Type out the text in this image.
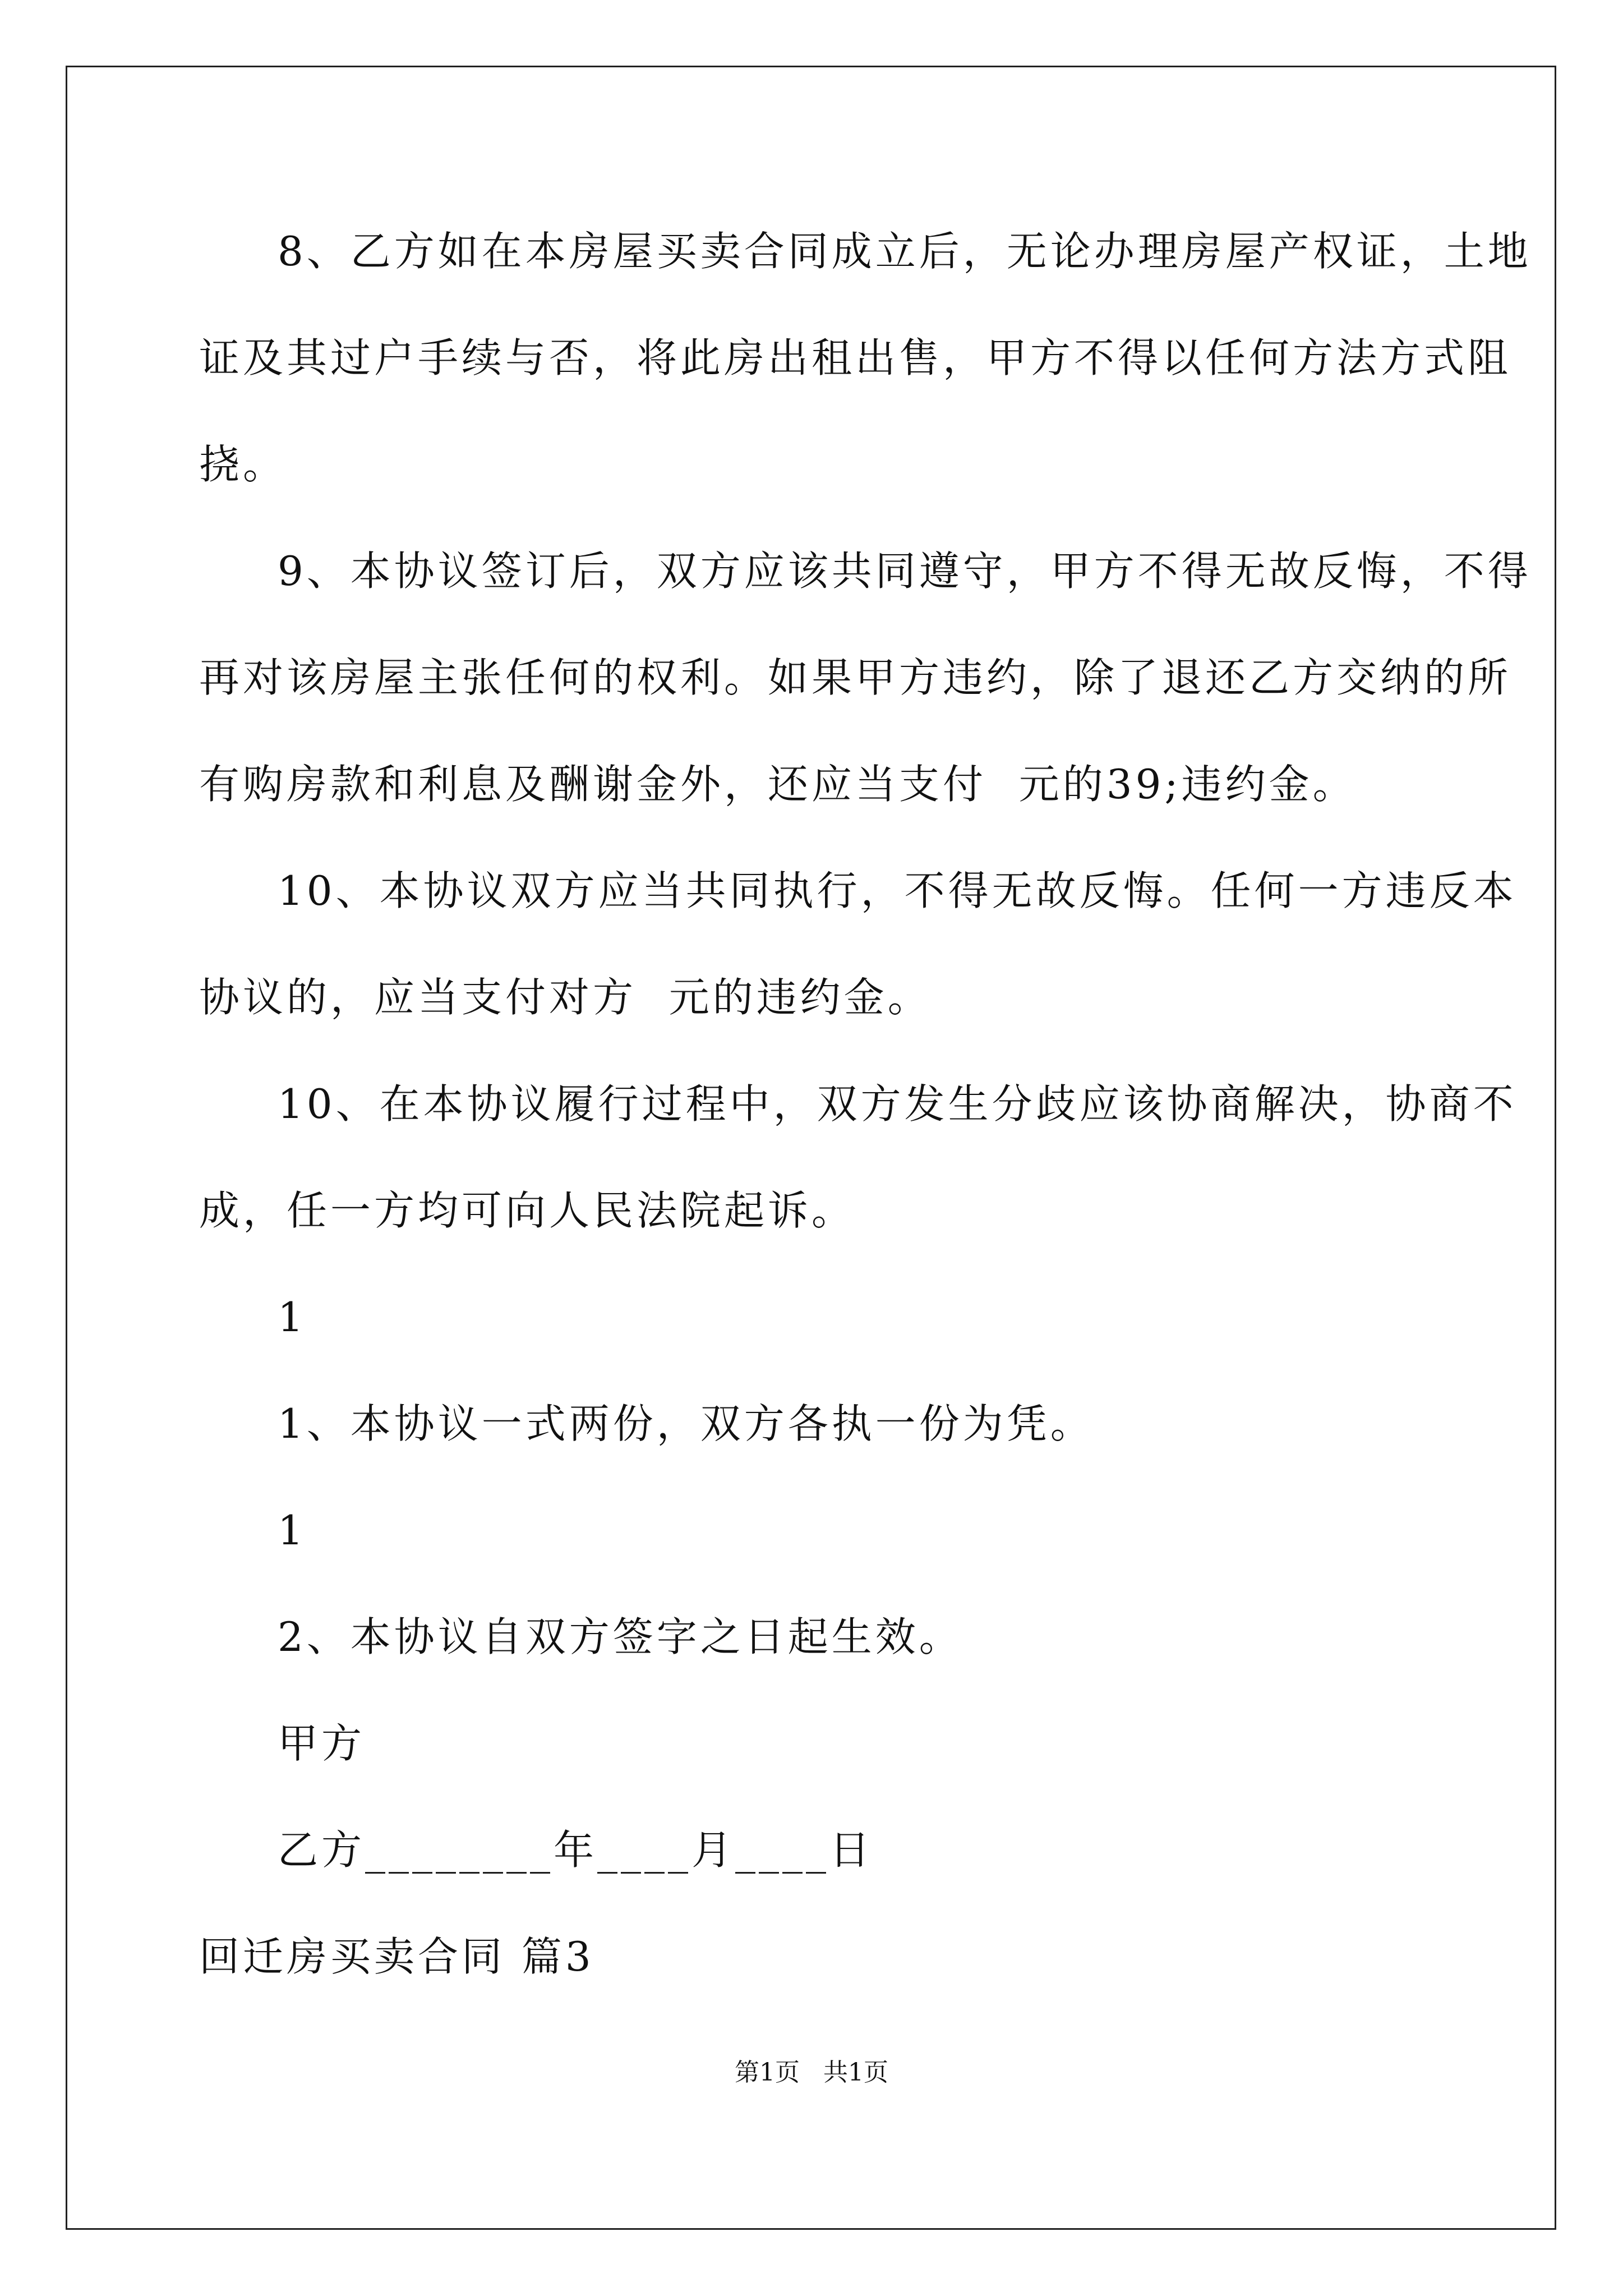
8、乙方如在本房屋买卖合同成立后，无论办理房屋产权证，土地
证及其过户手续与否，将此房出租出售，甲方不得以任何方法方式阻
挠。
9、本协议签订后，双方应该共同遵守，甲方不得无故反悔，不得
再对该房屋主张任何的权利。如果甲方违约，除了退还乙方交纳的所
有购房款和利息及酬谢金外，还应当支付  元的39;违约金。
10、本协议双方应当共同执行，不得无故反悔。任何一方违反本
协议的，应当支付对方  元的违约金。
10、在本协议履行过程中，双方发生分歧应该协商解决，协商不
成，任一方均可向人民法院起诉。
1
1、本协议一式两份，双方各执一份为凭。
1
2、本协议自双方签字之日起生效。
甲方
乙方________年____月____日
回迁房买卖合同 篇3
第1页   共1页
